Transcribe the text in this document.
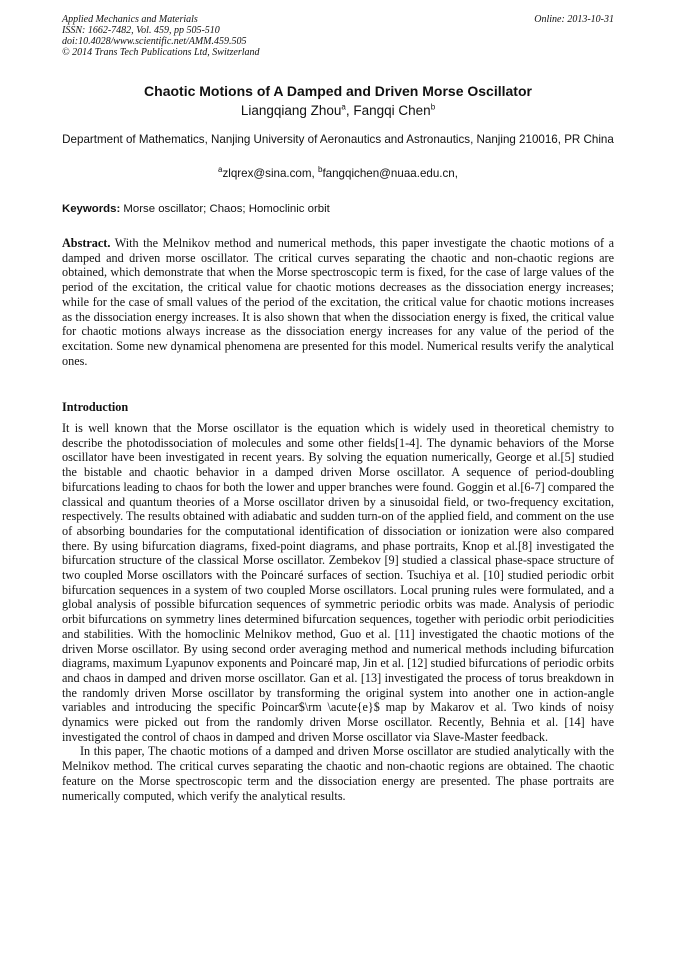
Applied Mechanics and Materials
ISSN: 1662-7482, Vol. 459, pp 505-510
doi:10.4028/www.scientific.net/AMM.459.505
© 2014 Trans Tech Publications Ltd, Switzerland
Online: 2013-10-31
Chaotic Motions of A Damped and Driven Morse Oscillator
Liangqiang Zhou$^a$, Fangqi Chen$^b$
Department of Mathematics, Nanjing University of Aeronautics and Astronautics, Nanjing 210016, PR China
$^a$zlqrex@sina.com, $^b$fangqichen@nuaa.edu.cn,
Keywords: Morse oscillator; Chaos; Homoclinic orbit
Abstract. With the Melnikov method and numerical methods, this paper investigate the chaotic motions of a damped and driven morse oscillator. The critical curves separating the chaotic and non-chaotic regions are obtained, which demonstrate that when the Morse spectroscopic term is fixed, for the case of large values of the period of the excitation, the critical value for chaotic motions decreases as the dissociation energy increases; while for the case of small values of the period of the excitation, the critical value for chaotic motions increases as the dissociation energy increases. It is also shown that when the dissociation energy is fixed, the critical value for chaotic motions always increase as the dissociation energy increases for any value of the period of the excitation. Some new dynamical phenomena are presented for this model. Numerical results verify the analytical ones.
Introduction

It is well known that the Morse oscillator is the equation which is widely used in theoretical chemistry to describe the photodissociation of molecules and some other fields[1-4]. The dynamic behaviors of the Morse oscillator have been investigated in recent years. By solving the equation numerically, George et al.[5] studied the bistable and chaotic behavior in a damped driven Morse oscillator. A sequence of period-doubling bifurcations leading to chaos for both the lower and upper branches were found. Goggin et al.[6-7] compared the classical and quantum theories of a Morse oscillator driven by a sinusoidal field, or two-frequency excitation, respectively. The results obtained with adiabatic and sudden turn-on of the applied field, and comment on the use of absorbing boundaries for the computational identification of dissociation or ionization were also compared there. By using bifurcation diagrams, fixed-point diagrams, and phase portraits, Knop et al.[8] investigated the bifurcation structure of the classical Morse oscillator. Zembekov [9] studied a classical phase-space structure of two coupled Morse oscillators with the Poincaré surfaces of section. Tsuchiya et al. [10] studied periodic orbit bifurcation sequences in a system of two coupled Morse oscillators. Local pruning rules were formulated, and a global analysis of possible bifurcation sequences of symmetric periodic orbits was made. Analysis of periodic orbit bifurcations on symmetry lines determined bifurcation sequences, together with periodic orbit periodicities and stabilities. With the homoclinic Melnikov method, Guo et al. [11] investigated the chaotic motions of the driven Morse oscillator. By using second order averaging method and numerical methods including bifurcation diagrams, maximum Lyapunov exponents and Poincaré map, Jin et al. [12] studied bifurcations of periodic orbits and chaos in damped and driven morse oscillator. Gan et al. [13] investigated the process of torus breakdown in the randomly driven Morse oscillator by transforming the original system into another one in action-angle variables and introducing the specific Poincar$\rm \acute{e}$ map by Makarov et al. Two kinds of noisy dynamics were picked out from the randomly driven Morse oscillator. Recently, Behnia et al. [14] have investigated the control of chaos in damped and driven Morse oscillator via Slave-Master feedback.

In this paper, The chaotic motions of a damped and driven Morse oscillator are studied analytically with the Melnikov method. The critical curves separating the chaotic and non-chaotic regions are obtained. The chaotic feature on the Morse spectroscopic term and the dissociation energy are presented. The phase portraits are numerically computed, which verify the analytical results.
